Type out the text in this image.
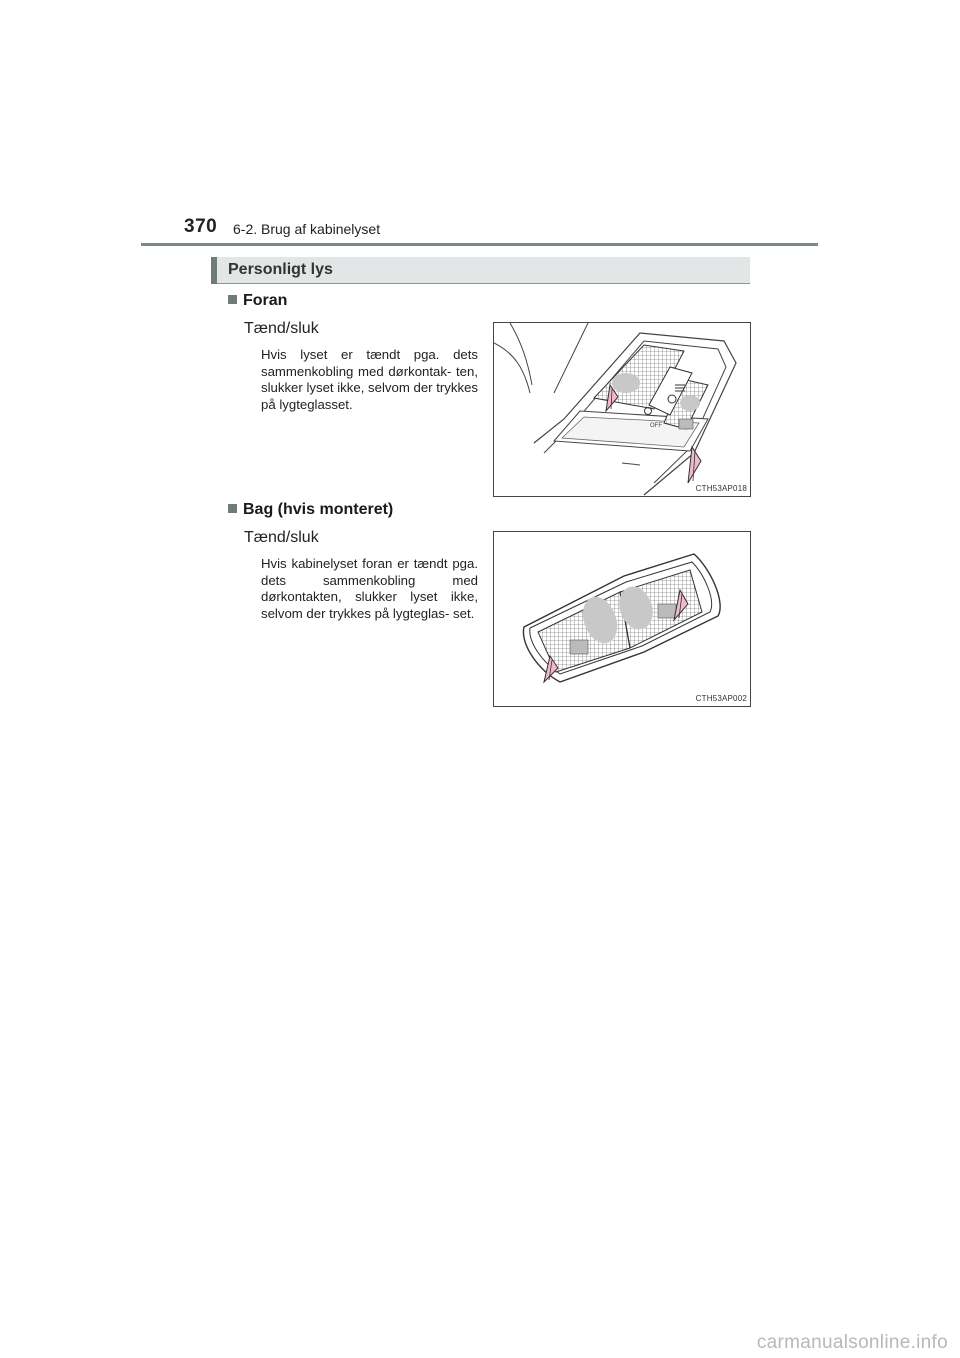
370 6-2. Brug af kabinelyset
Personligt lys
Foran
Tænd/sluk
Hvis lyset er tændt pga. dets sammenkobling med dørkontak- ten, slukker lyset ikke, selvom der trykkes på lygteglasset.
OFF
CTH53AP018
Bag (hvis monteret)
Tænd/sluk
Hvis kabinelyset foran er tændt pga. dets sammenkobling med dørkontakten, slukker lyset ikke, selvom der trykkes på lygteglas- set.
CTH53AP002
carmanualsonline.info
